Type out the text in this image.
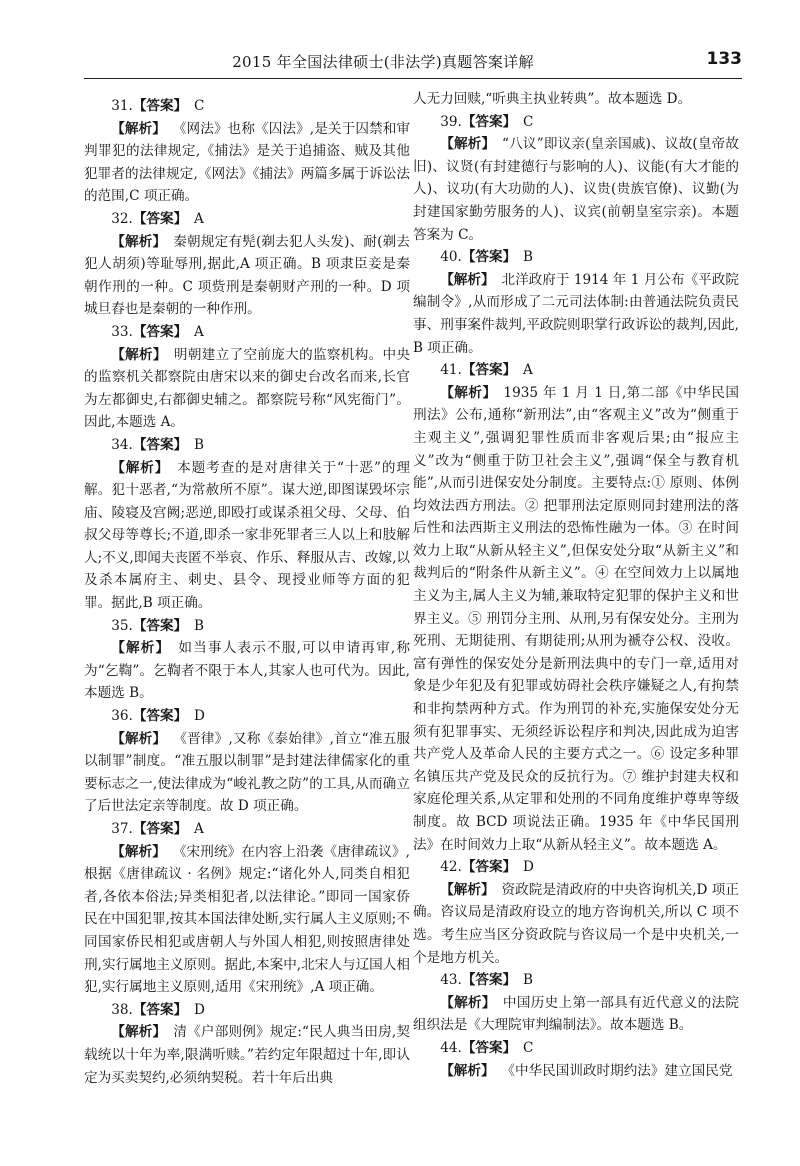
2015 年全国法律硕士(非法学)真题答案详解	133

31.【答案】  C

【解析】  《网法》也称《囚法》,是关于囚禁和审判罪犯的法律规定,《捕法》是关于追捕盗、贼及其他犯罪者的法律规定,《网法》《捕法》两篇多属于诉讼法的范围,C 项正确。

32.【答案】  A

【解析】  秦朝规定有髡(剃去犯人头发)、耐(剃去犯人胡须)等耻辱刑,据此,A 项正确。B 项隶臣妾是秦朝作刑的一种。C 项赀刑是秦朝财产刑的一种。D 项城旦舂也是秦朝的一种作刑。

33.【答案】  A

【解析】  明朝建立了空前庞大的监察机构。中央的监察机关都察院由唐宋以来的御史台改名而来,长官为左都御史,右都御史辅之。都察院号称“风宪衙门”。因此,本题选 A。

34.【答案】  B

【解析】  本题考查的是对唐律关于“十恶”的理解。犯十恶者,“为常赦所不原”。谋大逆,即图谋毁坏宗庙、陵寝及宫阙;恶逆,即殴打或谋杀祖父母、父母、伯叔父母等尊长;不道,即杀一家非死罪者三人以上和肢解人;不义,即闻夫丧匿不举哀、作乐、释服从吉、改嫁,以及杀本属府主、刺史、县令、现授业师等方面的犯罪。据此,B 项正确。

35.【答案】  B

【解析】  如当事人表示不服,可以申请再审,称为“乞鞫”。乞鞫者不限于本人,其家人也可代为。因此,本题选 B。

36.【答案】  D

【解析】  《晋律》,又称《泰始律》,首立“准五服以制罪”制度。“准五服以制罪”是封建法律儒家化的重要标志之一,使法律成为“峻礼教之防”的工具,从而确立了后世法定亲等制度。故 D 项正确。

37.【答案】  A

【解析】  《宋刑统》在内容上沿袭《唐律疏议》,根据《唐律疏议 · 名例》规定:“诸化外人,同类自相犯者,各依本俗法;异类相犯者,以法律论。”即同一国家侨民在中国犯罪,按其本国法律处断,实行属人主义原则;不同国家侨民相犯或唐朝人与外国人相犯,则按照唐律处刑,实行属地主义原则。据此,本案中,北宋人与辽国人相犯,实行属地主义原则,适用《宋刑统》,A 项正确。

38.【答案】  D

【解析】  清《户部则例》规定:“民人典当田房,契载统以十年为率,限满听赎。”若约定年限超过十年,即认定为买卖契约,必须纳契税。若十年后出典

人无力回赎,“听典主执业转典”。故本题选 D。

39.【答案】  C

【解析】  “八议”即议亲(皇亲国戚)、议故(皇帝故旧)、议贤(有封建德行与影响的人)、议能(有大才能的人)、议功(有大功勋的人)、议贵(贵族官僚)、议勤(为封建国家勤劳服务的人)、议宾(前朝皇室宗亲)。本题答案为 C。

40.【答案】  B

【解析】  北洋政府于 1914 年 1 月公布《平政院编制令》,从而形成了二元司法体制:由普通法院负责民事、刑事案件裁判,平政院则职掌行政诉讼的裁判,因此,B 项正确。

41.【答案】  A

【解析】  1935 年 1 月 1 日,第二部《中华民国刑法》公布,通称“新刑法”,由“客观主义”改为“侧重于主观主义”,强调犯罪性质而非客观后果;由“报应主义”改为“侧重于防卫社会主义”,强调“保全与教育机能”,从而引进保安处分制度。主要特点:① 原则、体例均效法西方刑法。② 把罪刑法定原则同封建刑法的落后性和法西斯主义刑法的恐怖性融为一体。③ 在时间效力上取“从新从轻主义”,但保安处分取“从新主义”和裁判后的“附条件从新主义”。④ 在空间效力上以属地主义为主,属人主义为辅,兼取特定犯罪的保护主义和世界主义。⑤ 刑罚分主刑、从刑,另有保安处分。主刑为死刑、无期徒刑、有期徒刑;从刑为褫夺公权、没收。富有弹性的保安处分是新刑法典中的专门一章,适用对象是少年犯及有犯罪或妨碍社会秩序嫌疑之人,有拘禁和非拘禁两种方式。作为刑罚的补充,实施保安处分无须有犯罪事实、无须经诉讼程序和判决,因此成为迫害共产党人及革命人民的主要方式之一。⑥ 设定多种罪名镇压共产党及民众的反抗行为。⑦ 维护封建夫权和家庭伦理关系,从定罪和处刑的不同角度维护尊卑等级制度。故 BCD 项说法正确。1935 年《中华民国刑法》在时间效力上取“从新从轻主义”。故本题选 A。

42.【答案】  D

【解析】  资政院是清政府的中央咨询机关,D 项正确。咨议局是清政府设立的地方咨询机关,所以 C 项不选。考生应当区分资政院与咨议局一个是中央机关,一个是地方机关。

43.【答案】  B

【解析】  中国历史上第一部具有近代意义的法院组织法是《大理院审判编制法》。故本题选 B。

44.【答案】  C

【解析】  《中华民国训政时期约法》建立国民党
